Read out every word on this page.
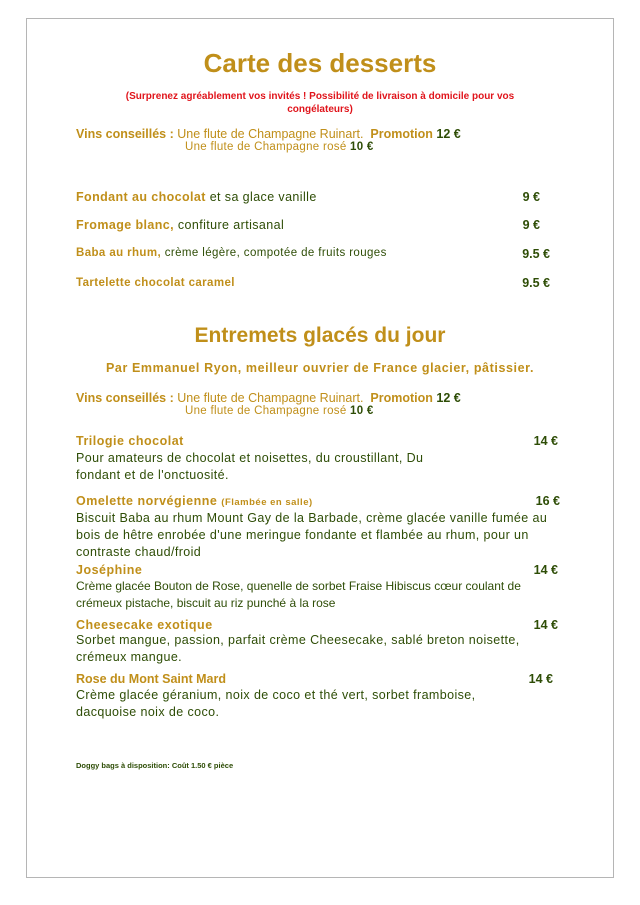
Carte des desserts
(Surprenez agréablement vos invités ! Possibilité de livraison à domicile pour vos congélateurs)
Vins conseillés : Une flute de Champagne Ruinart. Promotion 12 €
Une flute de Champagne rosé 10 €
Fondant au chocolat et sa glace vanille	9 €
Fromage blanc, confiture artisanal	9 €
Baba au rhum, crème légère, compotée de fruits rouges	9.5 €
Tartelette chocolat caramel	9.5 €
Entremets glacés du jour
Par Emmanuel Ryon, meilleur ouvrier de France glacier, pâtissier.
Vins conseillés : Une flute de Champagne Ruinart. Promotion 12 €
Une flute de Champagne rosé 10 €
Trilogie chocolat	14 €
Pour amateurs de chocolat et noisettes, du croustillant, Du fondant et de l'onctuosité.
Omelette norvégienne (Flambée en salle)	16 €
Biscuit Baba au rhum Mount Gay de la Barbade, crème glacée vanille fumée au bois de hêtre enrobée d'une meringue fondante et flambée au rhum, pour un contraste chaud/froid
Joséphine	14 €
Crème glacée Bouton de Rose, quenelle de sorbet Fraise Hibiscus cœur coulant de crémeux pistache, biscuit au riz punché à la rose
Cheesecake exotique	14 €
Sorbet mangue, passion, parfait crème Cheesecake, sablé breton noisette, crémeux mangue.
Rose du Mont Saint Mard	14 €
Crème glacée géranium, noix de coco et thé vert, sorbet framboise, dacquoise noix de coco.
Doggy bags à disposition: Coût 1.50 € pièce
